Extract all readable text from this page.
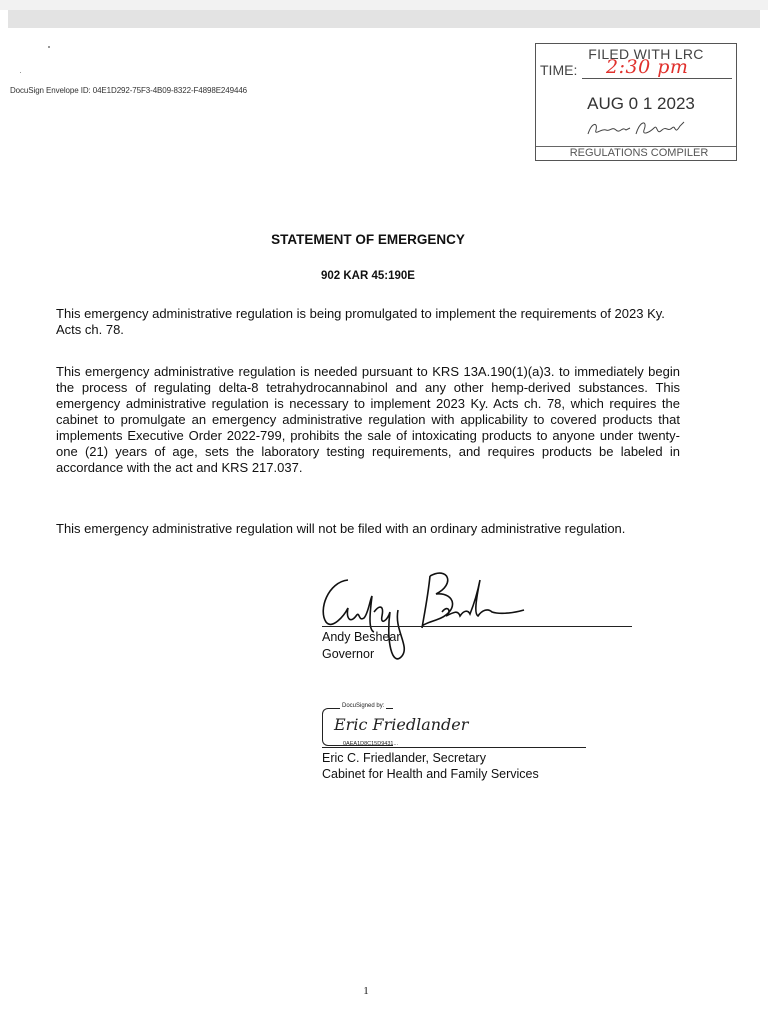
DocuSign Envelope ID: 04E1D292-75F3-4B09-8322-F4898E249446
FILED WITH LRC
TIME: 2:30 pm
AUG 0 1 2023
REGULATIONS COMPILER
STATEMENT OF EMERGENCY
902 KAR 45:190E
This emergency administrative regulation is being promulgated to implement the requirements of 2023 Ky. Acts ch. 78.
This emergency administrative regulation is needed pursuant to KRS 13A.190(1)(a)3. to immediately begin the process of regulating delta-8 tetrahydrocannabinol and any other hemp-derived substances. This emergency administrative regulation is necessary to implement 2023 Ky. Acts ch. 78, which requires the cabinet to promulgate an emergency administrative regulation with applicability to covered products that implements Executive Order 2022-799, prohibits the sale of intoxicating products to anyone under twenty-one (21) years of age, sets the laboratory testing requirements, and requires products be labeled in accordance with the act and KRS 217.037.
This emergency administrative regulation will not be filed with an ordinary administrative regulation.
Andy Beshear
Governor
DocuSigned by:
Eric Friedlander
0AEA1D8C15D9431...
Eric C. Friedlander, Secretary
Cabinet for Health and Family Services
1
